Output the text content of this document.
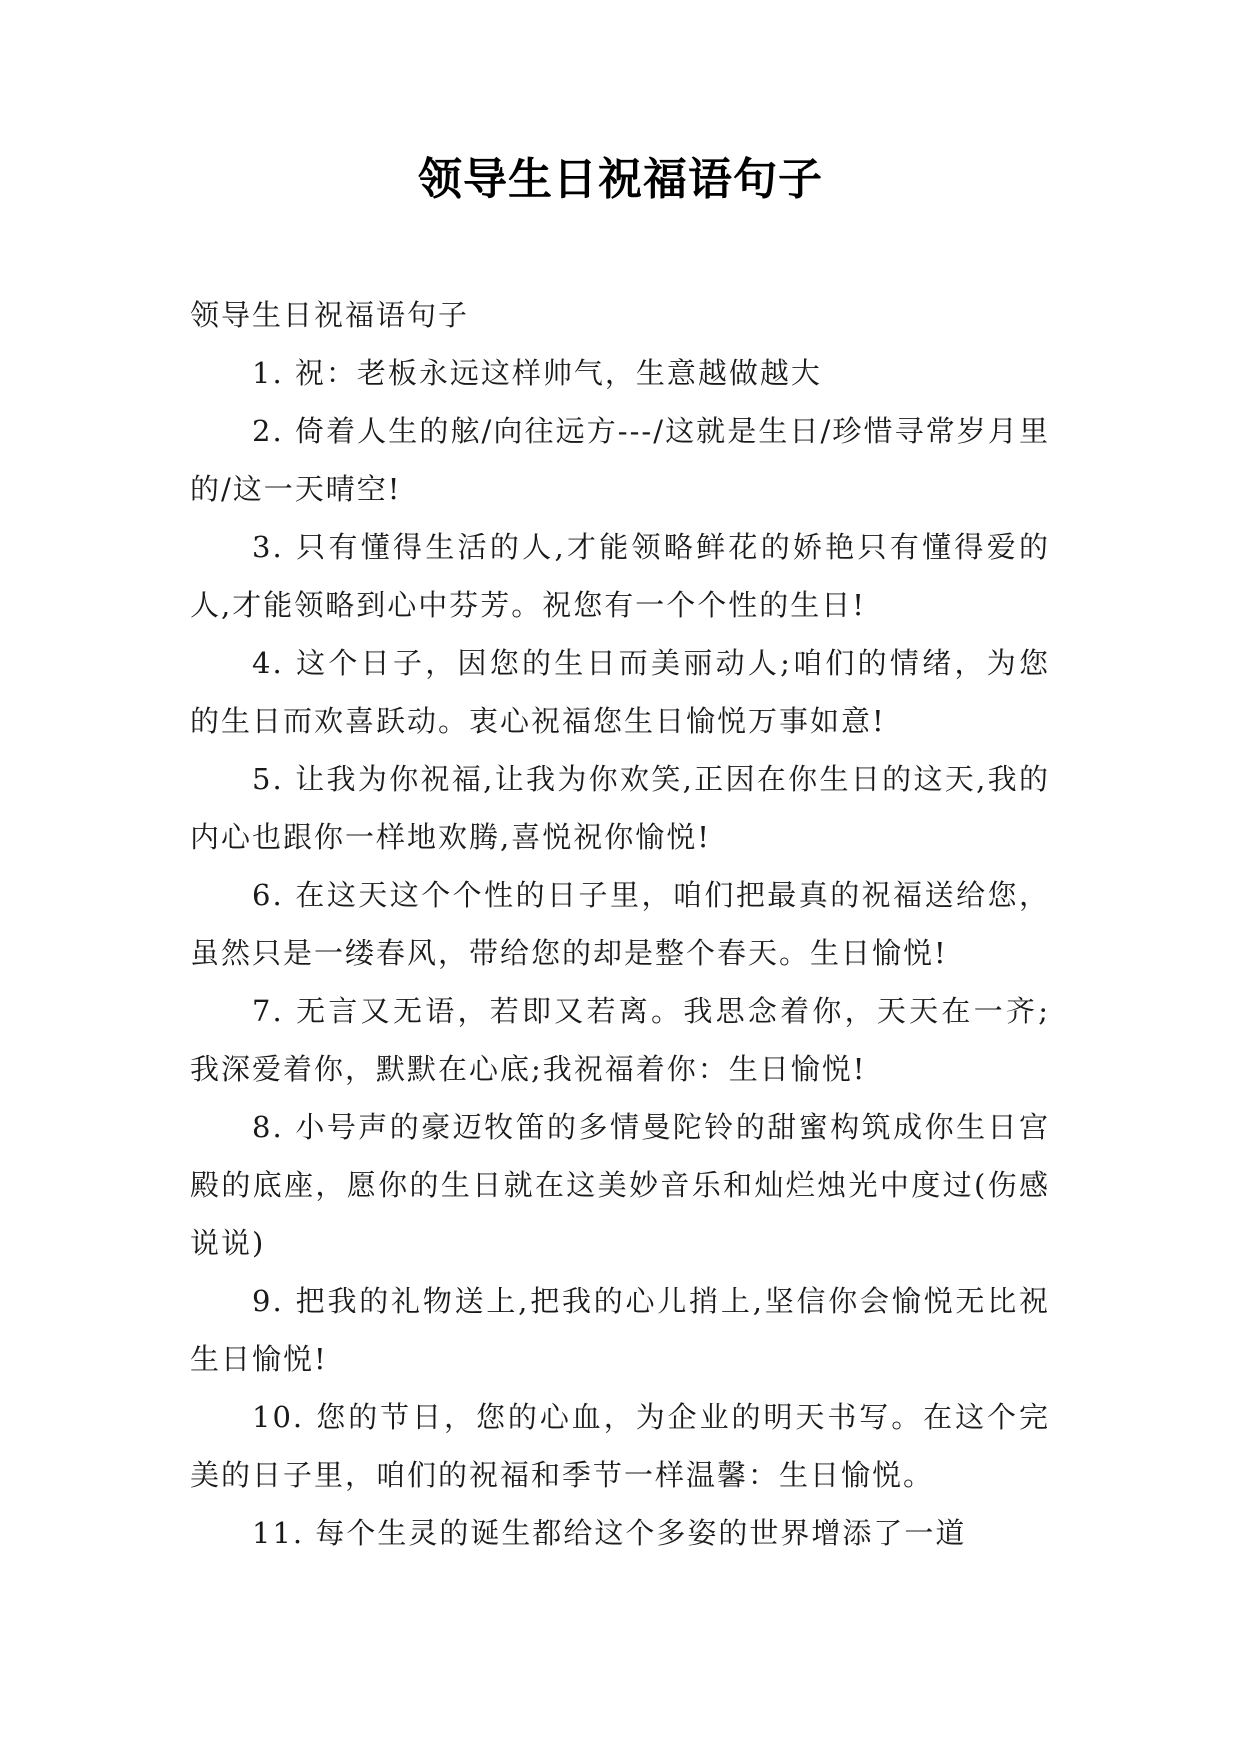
领导生日祝福语句子

领导生日祝福语句子

1. 祝：老板永远这样帅气，生意越做越大

2. 倚着人生的舷/向往远方---/这就是生日/珍惜寻常岁月里的/这一天晴空!

3. 只有懂得生活的人,才能领略鲜花的娇艳只有懂得爱的人,才能领略到心中芬芳。祝您有一个个性的生日!

4. 这个日子，因您的生日而美丽动人;咱们的情绪，为您的生日而欢喜跃动。衷心祝福您生日愉悦万事如意!

5. 让我为你祝福,让我为你欢笑,正因在你生日的这天,我的内心也跟你一样地欢腾,喜悦祝你愉悦!

6. 在这天这个个性的日子里，咱们把最真的祝福送给您，虽然只是一缕春风，带给您的却是整个春天。生日愉悦!

7. 无言又无语，若即又若离。我思念着你，天天在一齐;我深爱着你，默默在心底;我祝福着你：生日愉悦!

8. 小号声的豪迈牧笛的多情曼陀铃的甜蜜构筑成你生日宫殿的底座，愿你的生日就在这美妙音乐和灿烂烛光中度过(伤感说说)

9. 把我的礼物送上,把我的心儿捎上,坚信你会愉悦无比祝生日愉悦!

10. 您的节日，您的心血，为企业的明天书写。在这个完美的日子里，咱们的祝福和季节一样温馨：生日愉悦。

11. 每个生灵的诞生都给这个多姿的世界增添了一道
